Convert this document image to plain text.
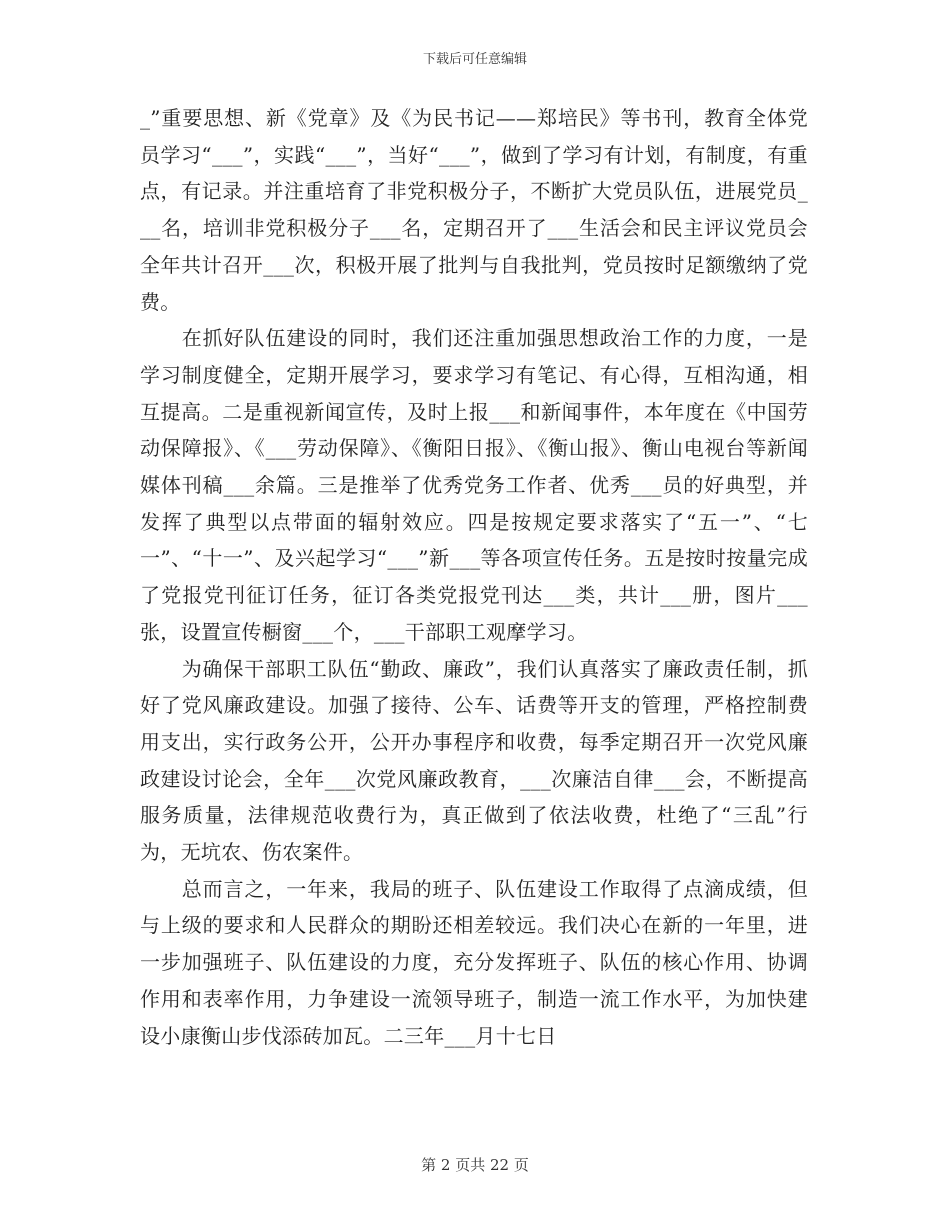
下载后可任意编辑

_”重要思想、新《党章》及《为民书记——郑培民》等书刊，教育全体党员学习“___”，实践“___”，当好“___”，做到了学习有计划，有制度，有重点，有记录。并注重培育了非党积极分子，不断扩大党员队伍，进展党员___名，培训非党积极分子___名，定期召开了___生活会和民主评议党员会全年共计召开___次，积极开展了批判与自我批判，党员按时足额缴纳了党费。

　　在抓好队伍建设的同时，我们还注重加强思想政治工作的力度，一是学习制度健全，定期开展学习，要求学习有笔记、有心得，互相沟通，相互提高。二是重视新闻宣传，及时上报___和新闻事件，本年度在《中国劳动保障报》、《___劳动保障》、《衡阳日报》、《衡山报》、衡山电视台等新闻媒体刊稿___余篇。三是推举了优秀党务工作者、优秀___员的好典型，并发挥了典型以点带面的辐射效应。四是按规定要求落实了“五一”、“七一”、“十一”、及兴起学习“___”新___等各项宣传任务。五是按时按量完成了党报党刊征订任务，征订各类党报党刊达___类，共计___册，图片___张，设置宣传橱窗___个，___干部职工观摩学习。

　　为确保干部职工队伍“勤政、廉政”，我们认真落实了廉政责任制，抓好了党风廉政建设。加强了接待、公车、话费等开支的管理，严格控制费用支出，实行政务公开，公开办事程序和收费，每季定期召开一次党风廉政建设讨论会，全年___次党风廉政教育，___次廉洁自律___会，不断提高服务质量，法律规范收费行为，真正做到了依法收费，杜绝了“三乱”行为，无坑农、伤农案件。

　　总而言之，一年来，我局的班子、队伍建设工作取得了点滴成绩，但与上级的要求和人民群众的期盼还相差较远。我们决心在新的一年里，进一步加强班子、队伍建设的力度，充分发挥班子、队伍的核心作用、协调作用和表率作用，力争建设一流领导班子，制造一流工作水平，为加快建设小康衡山步伐添砖加瓦。二三年___月十七日

第 2 页共 22 页
